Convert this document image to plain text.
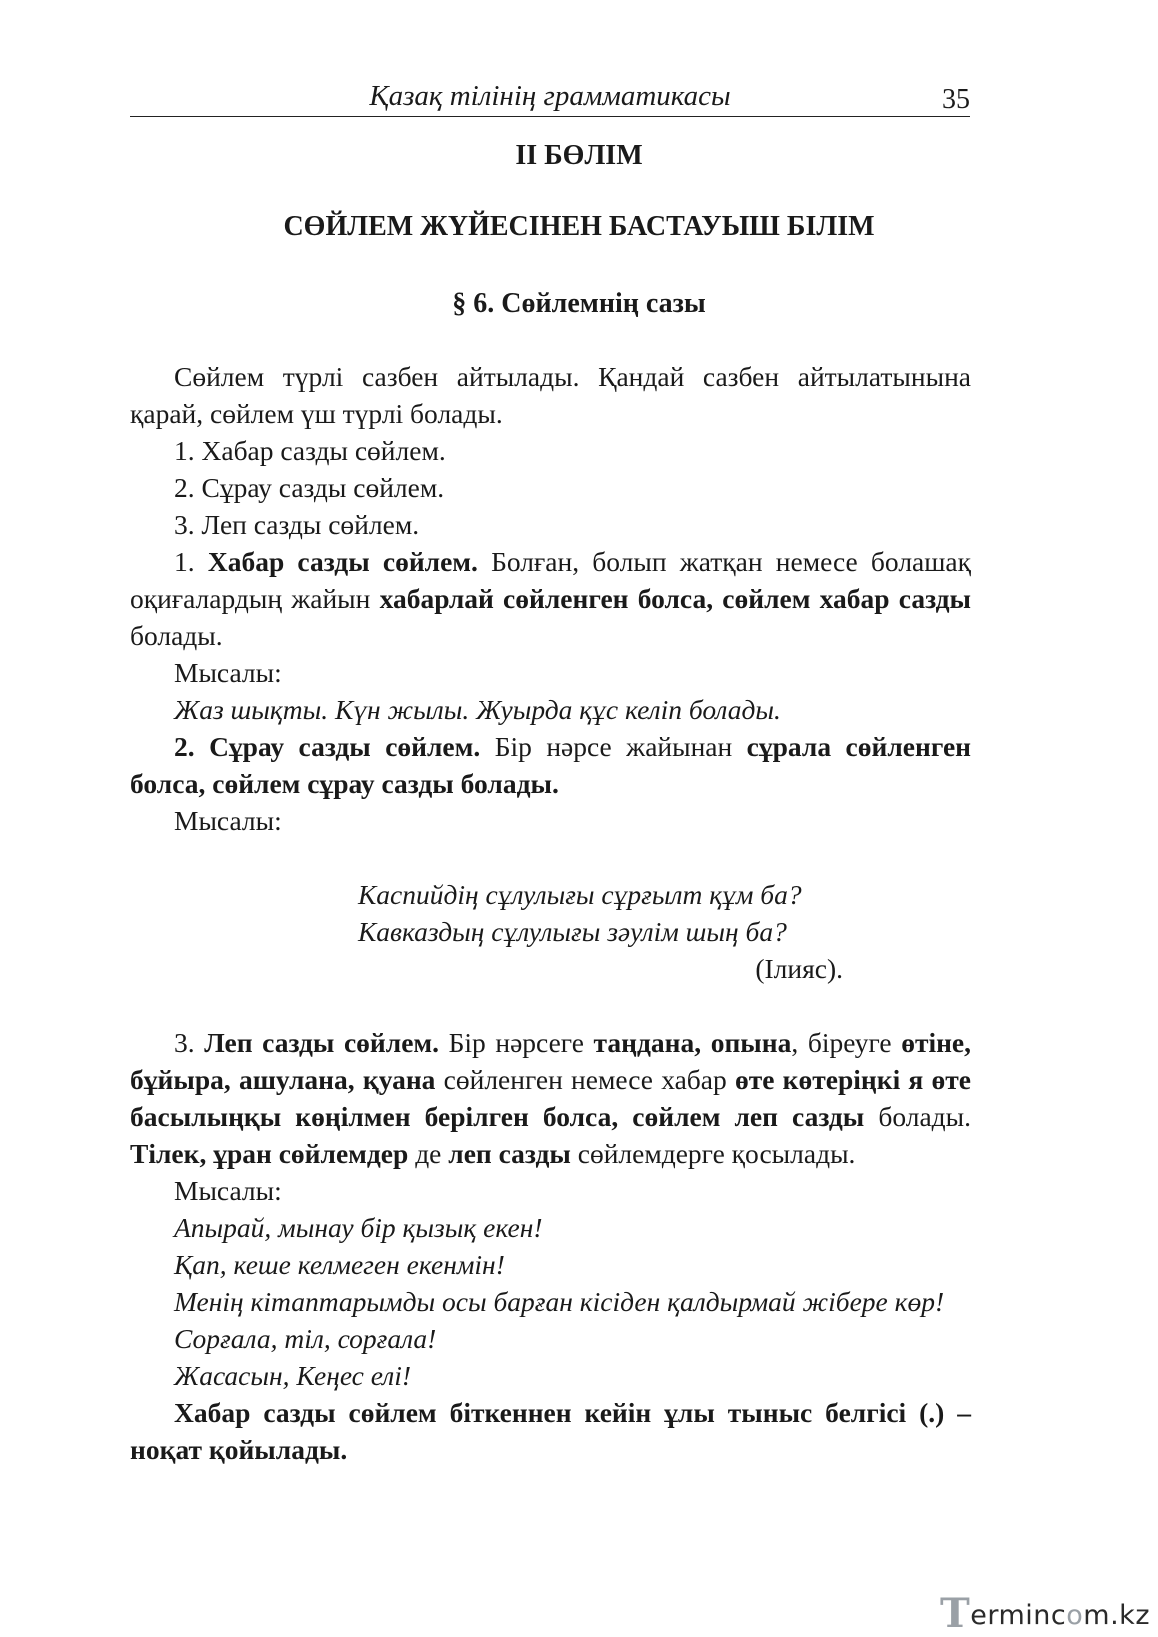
Қазақ тілінің грамматикасы	35
II БӨЛІМ
СӨЙЛЕМ ЖҮЙЕСІНЕН БАСТАУЫШ БІЛІМ
§ 6. Сөйлемнің сазы

Сөйлем түрлі сазбен айтылады. Қандай сазбен айтылатынына қарай, сөйлем үш түрлі болады.

1. Хабар сазды сөйлем.

2. Сұрау сазды сөйлем.

3. Леп сазды сөйлем.

1. Хабар сазды сөйлем. Болған, болып жатқан немесе болашақ оқиғалардың жайын хабарлай сөйленген болса, сөйлем хабар сазды болады.

Мысалы:

Жаз шықты. Күн жылы. Жуырда құс келіп болады.

2. Сұрау сазды сөйлем. Бір нәрсе жайынан сұрала сөйленген болса, сөйлем сұрау сазды болады.

Мысалы:

Каспийдің сұлулығы сұрғылт құм ба?
Кавказдың сұлулығы зәулім шың ба?
(Ілияс).

3. Леп сазды сөйлем. Бір нәрсеге таңдана, опына, біреуге өтіне, бұйыра, ашулана, қуана сөйленген немесе хабар өте көтеріңкі я өте басылыңқы көңілмен берілген болса, сөйлем леп сазды болады. Тілек, ұран сөйлемдер де леп сазды сөйлемдерге қосылады.

Мысалы:

Апырай, мынау бір қызық екен!

Қап, кеше келмеген екенмін!

Менің кітаптарымды осы барған кісіден қалдырмай жібере көр!

Сорғала, тіл, сорғала!

Жасасын, Кеңес елі!

Хабар сазды сөйлем біткеннен кейін ұлы тыныс белгісі (.) – ноқат қойылады.

Termincom.kz
